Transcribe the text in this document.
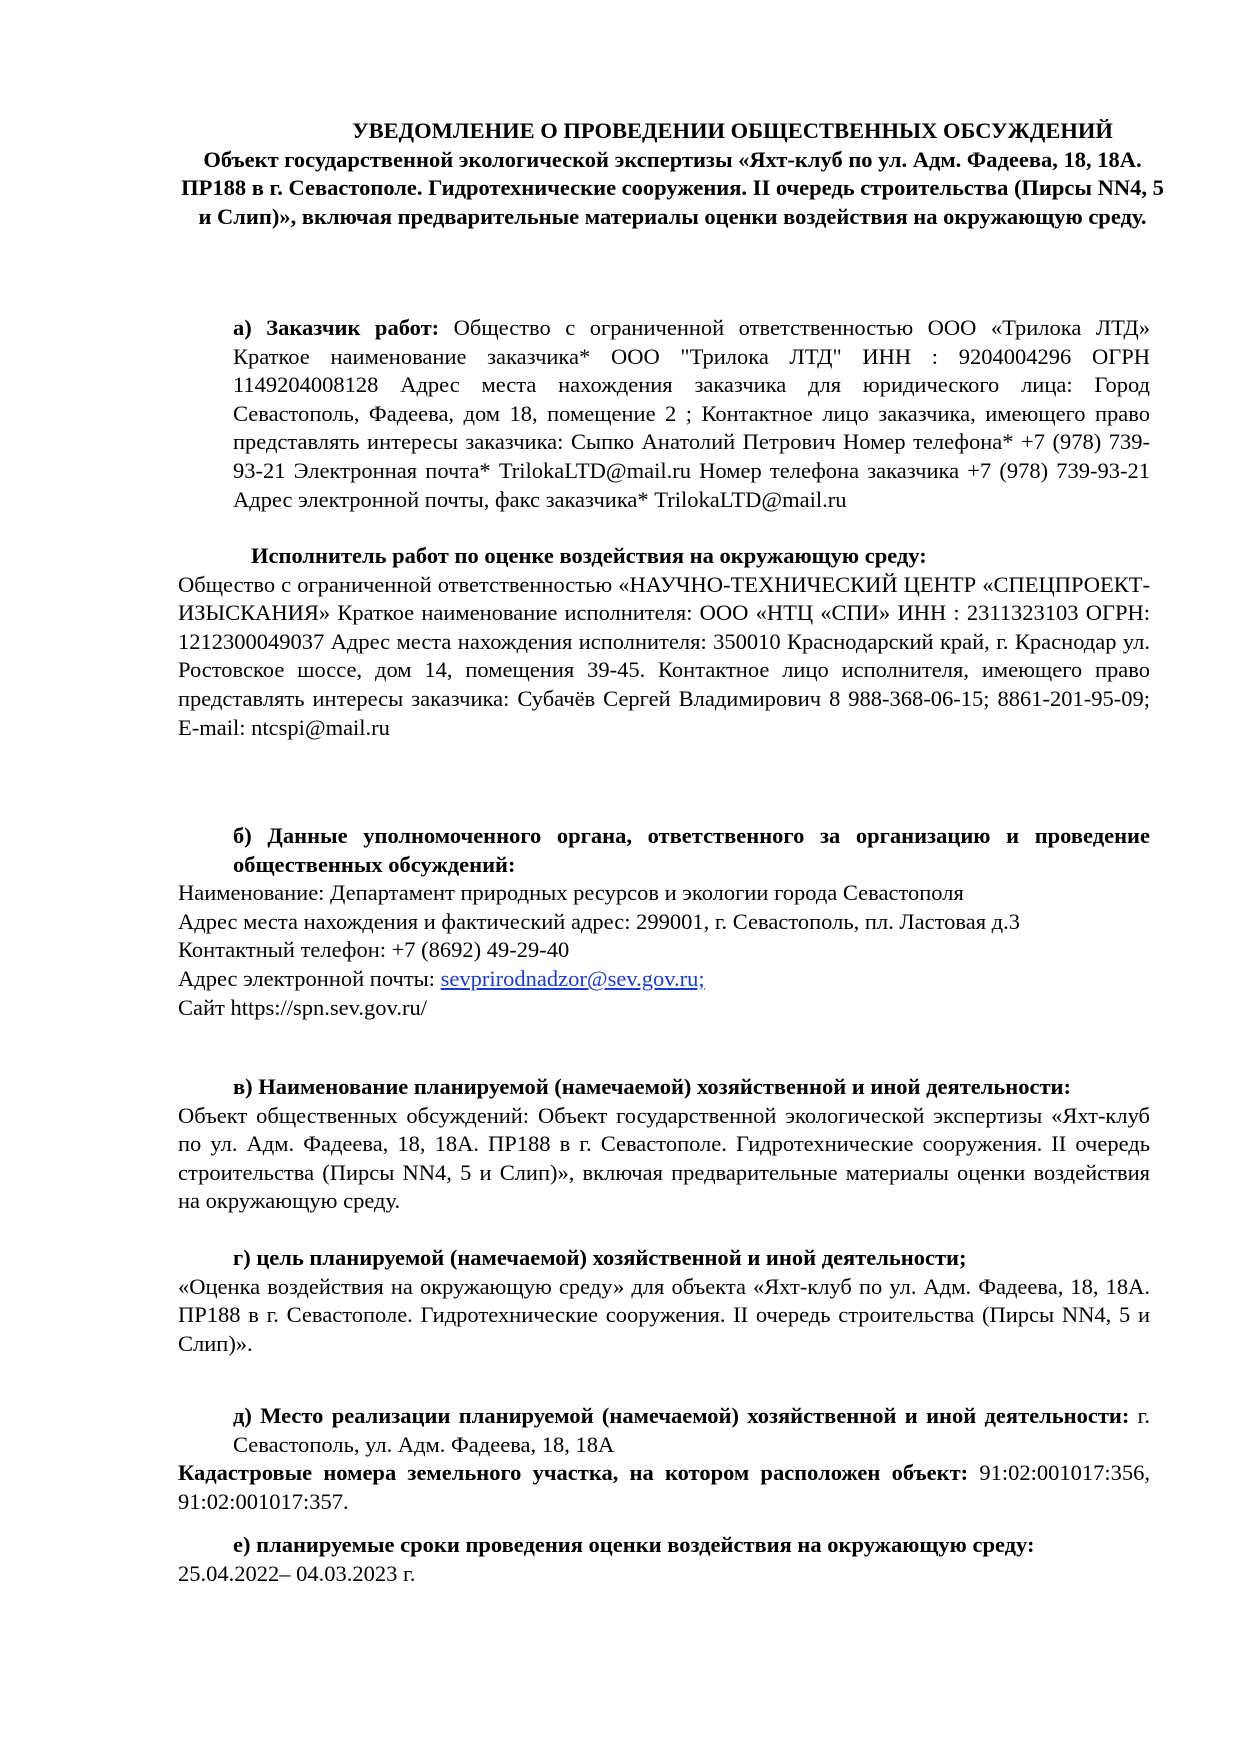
УВЕДОМЛЕНИЕ О ПРОВЕДЕНИИ ОБЩЕСТВЕННЫХ ОБСУЖДЕНИЙ
Объект государственной экологической экспертизы «Яхт-клуб по ул. Адм. Фадеева, 18, 18А. ПР188 в г. Севастополе. Гидротехнические сооружения. II очередь строительства (Пирсы NN4, 5 и Слип)», включая предварительные материалы оценки воздействия на окружающую среду.

а) Заказчик работ: Общество с ограниченной ответственностью ООО «Трилока ЛТД» Краткое наименование заказчика* ООО "Трилока ЛТД" ИНН : 9204004296 ОГРН 1149204008128 Адрес места нахождения заказчика для юридического лица: Город Севастополь, Фадеева, дом 18, помещение 2 ; Контактное лицо заказчика, имеющего право представлять интересы заказчика: Сыпко Анатолий Петрович Номер телефона* +7 (978) 739-93-21 Электронная почта* TrilokaLTD@mail.ru Номер телефона заказчика +7 (978) 739-93-21 Адрес электронной почты, факс заказчика* TrilokaLTD@mail.ru

Исполнитель работ по оценке воздействия на окружающую среду:

Общество с ограниченной ответственностью «НАУЧНО-ТЕХНИЧЕСКИЙ ЦЕНТР «СПЕЦПРОЕКТ-ИЗЫСКАНИЯ» Краткое наименование исполнителя: ООО «НТЦ «СПИ» ИНН : 2311323103 ОГРН: 1212300049037 Адрес места нахождения исполнителя: 350010 Краснодарский край, г. Краснодар ул. Ростовское шоссе, дом 14, помещения 39-45. Контактное лицо исполнителя, имеющего право представлять интересы заказчика: Субачёв Сергей Владимирович 8 988-368-06-15; 8861-201-95-09; E-mail: ntcspi@mail.ru

б) Данные уполномоченного органа, ответственного за организацию и проведение общественных обсуждений:

Наименование: Департамент природных ресурсов и экологии города Севастополя

Адрес места нахождения и фактический адрес: 299001, г. Севастополь, пл. Ластовая д.3

Контактный телефон: +7 (8692) 49-29-40

Адрес электронной почты: sevprirodnadzor@sev.gov.ru;

Сайт https://spn.sev.gov.ru/

в) Наименование планируемой (намечаемой) хозяйственной и иной деятельности:

Объект общественных обсуждений: Объект государственной экологической экспертизы «Яхт-клуб по ул. Адм. Фадеева, 18, 18А. ПР188 в г. Севастополе. Гидротехнические сооружения. II очередь строительства (Пирсы NN4, 5 и Слип)», включая предварительные материалы оценки воздействия на окружающую среду.

г) цель планируемой (намечаемой) хозяйственной и иной деятельности;

«Оценка воздействия на окружающую среду» для объекта «Яхт-клуб по ул. Адм. Фадеева, 18, 18А. ПР188 в г. Севастополе. Гидротехнические сооружения. II очередь строительства (Пирсы NN4, 5 и Слип)».

д) Место реализации планируемой (намечаемой) хозяйственной и иной деятельности: г. Севастополь, ул. Адм. Фадеева, 18, 18А

Кадастровые номера земельного участка, на котором расположен объект: 91:02:001017:356, 91:02:001017:357.

е) планируемые сроки проведения оценки воздействия на окружающую среду:

25.04.2022– 04.03.2023 г.
